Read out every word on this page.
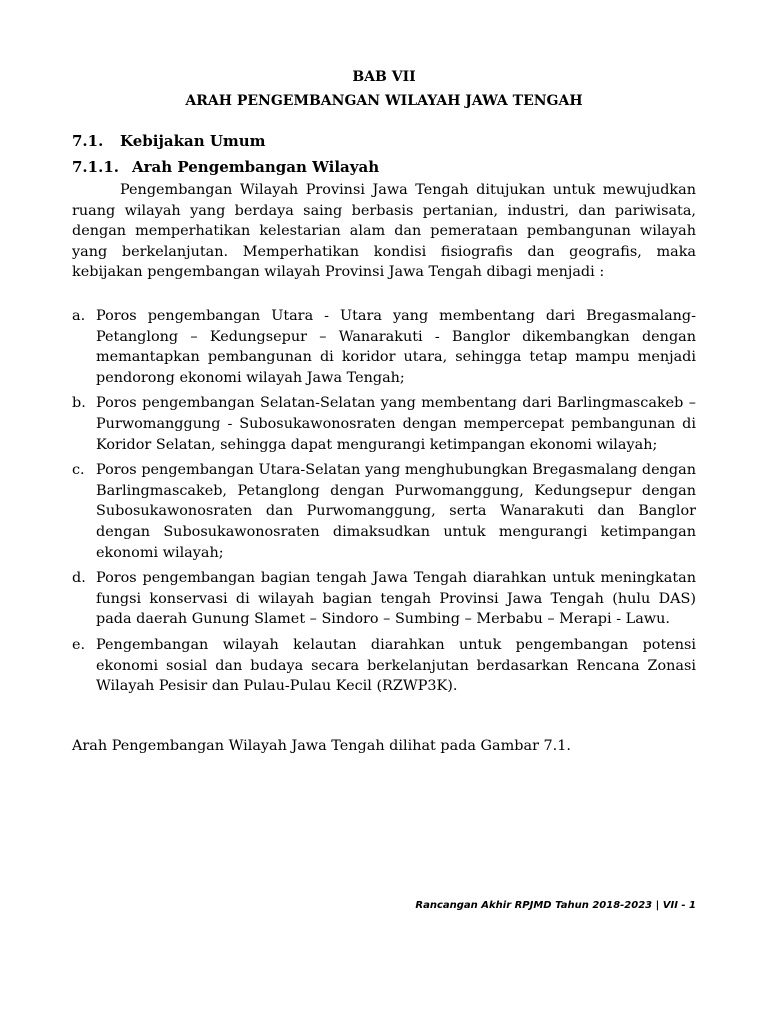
BAB VII
ARAH PENGEMBANGAN WILAYAH JAWA TENGAH
7.1. Kebijakan Umum
7.1.1. Arah Pengembangan Wilayah

Pengembangan Wilayah Provinsi Jawa Tengah ditujukan untuk mewujudkan ruang wilayah yang berdaya saing berbasis pertanian, industri, dan pariwisata, dengan memperhatikan kelestarian alam dan pemerataan pembangunan wilayah yang berkelanjutan. Memperhatikan kondisi fisiografis dan geografis, maka kebijakan pengembangan wilayah Provinsi Jawa Tengah dibagi menjadi :

a. Poros pengembangan Utara - Utara yang membentang dari Bregasmalang-Petanglong – Kedungsepur – Wanarakuti - Banglor dikembangkan dengan memantapkan pembangunan di koridor utara, sehingga tetap mampu menjadi pendorong ekonomi wilayah Jawa Tengah;
b. Poros pengembangan Selatan-Selatan yang membentang dari Barlingmascakeb – Purwomanggung - Subosukawonosraten dengan mempercepat pembangunan di Koridor Selatan, sehingga dapat mengurangi ketimpangan ekonomi wilayah;
c. Poros pengembangan Utara-Selatan yang menghubungkan Bregasmalang dengan Barlingmascakeb, Petanglong dengan Purwomanggung, Kedungsepur dengan Subosukawonosraten dan Purwomanggung, serta Wanarakuti dan Banglor dengan Subosukawonosraten dimaksudkan untuk mengurangi ketimpangan ekonomi wilayah;
d. Poros pengembangan bagian tengah Jawa Tengah diarahkan untuk meningkatan fungsi konservasi di wilayah bagian tengah Provinsi Jawa Tengah (hulu DAS) pada daerah Gunung Slamet – Sindoro – Sumbing – Merbabu – Merapi - Lawu.
e. Pengembangan wilayah kelautan diarahkan untuk pengembangan potensi ekonomi sosial dan budaya secara berkelanjutan berdasarkan Rencana Zonasi Wilayah Pesisir dan Pulau-Pulau Kecil (RZWP3K).

Arah Pengembangan Wilayah Jawa Tengah dilihat pada Gambar 7.1.

Rancangan Akhir RPJMD Tahun 2018-2023 | VII - 1
